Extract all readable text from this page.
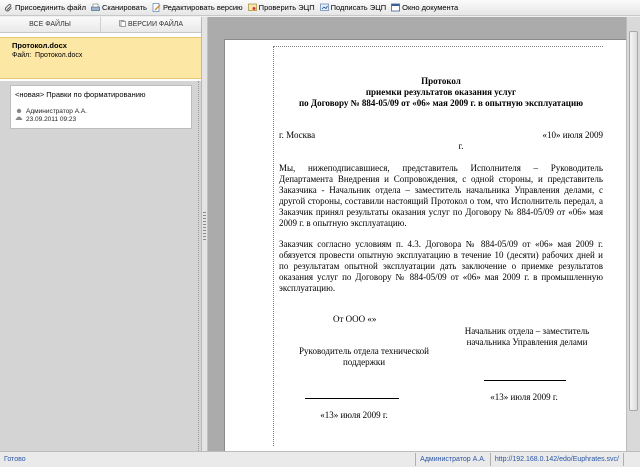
Присоединить файл Сканировать Редактировать версию Проверить ЭЦП Подписать ЭЦП Окно документа
ВСЕ ФАЙЛЫ	ВЕРСИИ ФАЙЛА
Протокол.docx
Файл: Протокол.docx
<новая> Правки по форматированию
Администратор А.А.
23.09.2011 09:23
Протокол
приемки результатов оказания услуг
по Договору № 884-05/09 от «06» мая 2009 г. в опытную эксплуатацию
г. Москва	«10» июля 2009
г.
Мы, нижеподписавшиеся, представитель Исполнителя – Руководитель Департамента Внедрения и Сопровождения, с одной стороны, и представитель Заказчика - Начальник отдела – заместитель начальника Управления делами, с другой стороны, составили настоящий Протокол о том, что Исполнитель передал, а Заказчик принял результаты оказания услуг по Договору № 884-05/09 от «06» мая 2009 г. в опытную эксплуатацию.
Заказчик согласно условиям п. 4.3. Договора № 884-05/09 от «06» мая 2009 г. обязуется провести опытную эксплуатацию в течение 10 (десяти) рабочих дней и по результатам опытной эксплуатации дать заключение о приемке результатов оказания услуг по Договору № 884-05/09 от «06» мая 2009 г. в промышленную эксплуатацию.
От ООО «»
Начальник отдела – заместитель
начальника Управления делами
Руководитель отдела технической
поддержки
«13» июля 2009 г.
«13» июля 2009 г.
Готово	Администратор А.А.	http://192.168.0.142/edo/Euphrates.svc/
